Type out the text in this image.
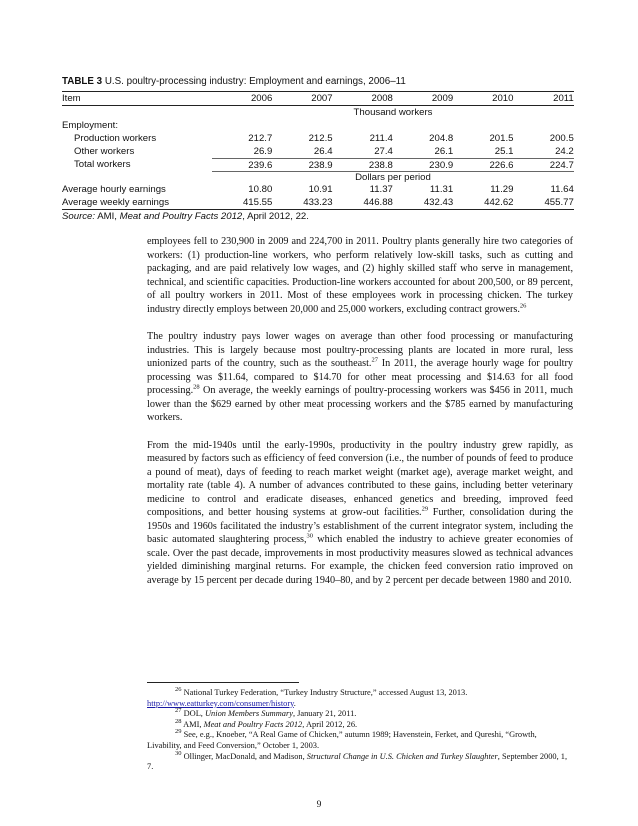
TABLE 3 U.S. poultry-processing industry: Employment and earnings, 2006–11
Item	2006	2007	2008	2009	2010	2011
Thousand workers
Employment:
Production workers	212.7	212.5	211.4	204.8	201.5	200.5
Other workers	26.9	26.4	27.4	26.1	25.1	24.2
Total workers	239.6	238.9	238.8	230.9	226.6	224.7
Dollars per period
Average hourly earnings	10.80	10.91	11.37	11.31	11.29	11.64
Average weekly earnings	415.55	433.23	446.88	432.43	442.62	455.77
Source: AMI, Meat and Poultry Facts 2012 , April 2012, 22.

employees fell to 230,900 in 2009 and 224,700 in 2011. Poultry plants generally hire two categories of workers: (1) production-line workers, who perform relatively low-skill tasks, such as cutting and packaging, and are paid relatively low wages, and (2) highly skilled staff who serve in management, technical, and scientific capacities. Production-line workers accounted for about 200,500, or 89 percent, of all poultry workers in 2011. Most of these employees work in processing chicken. The turkey industry directly employs between 20,000 and 25,000 workers, excluding contract growers.$^{26}$

The poultry industry pays lower wages on average than other food processing or manufacturing industries. This is largely because most poultry-processing plants are located in more rural, less unionized parts of the country, such as the southeast.$^{27}$ In 2011, the average hourly wage for poultry processing was $11.64, compared to $14.70 for other meat processing and $14.63 for all food processing.$^{28}$ On average, the weekly earnings of poultry-processing workers was $456 in 2011, much lower than the $629 earned by other meat processing workers and the $785 earned by manufacturing workers.

From the mid-1940s until the early-1990s, productivity in the poultry industry grew rapidly, as measured by factors such as efficiency of feed conversion (i.e., the number of pounds of feed to produce a pound of meat), days of feeding to reach market weight (market age), average market weight, and mortality rate (table 4). A number of advances contributed to these gains, including better veterinary medicine to control and eradicate diseases, enhanced genetics and breeding, improved feed compositions, and better housing systems at grow-out facilities.$^{29}$ Further, consolidation during the 1950s and 1960s facilitated the industry’s establishment of the current integrator system, including the basic automated slaughtering process,$^{30}$ which enabled the industry to achieve greater economies of scale. Over the past decade, improvements in most productivity measures slowed as technical advances yielded diminishing marginal returns. For example, the chicken feed conversion ratio improved on average by 15 percent per decade during 1940–80, and by 2 percent per decade between 1980 and 2010.

$^{26}$ National Turkey Federation, “Turkey Industry Structure,” accessed August 13, 2013.
http://www.eatturkey.com/consumer/history.

$^{27}$ DOL, Union Members Summary, January 21, 2011.

$^{28}$ AMI, Meat and Poultry Facts 2012, April 2012, 26.

$^{29}$ See, e.g., Knoeber, “A Real Game of Chicken,” autumn 1989; Havenstein, Ferket, and Qureshi, “Growth, Livability, and Feed Conversion,” October 1, 2003.

$^{30}$ Ollinger, MacDonald, and Madison, Structural Change in U.S. Chicken and Turkey Slaughter, September 2000, 1, 7.

9
